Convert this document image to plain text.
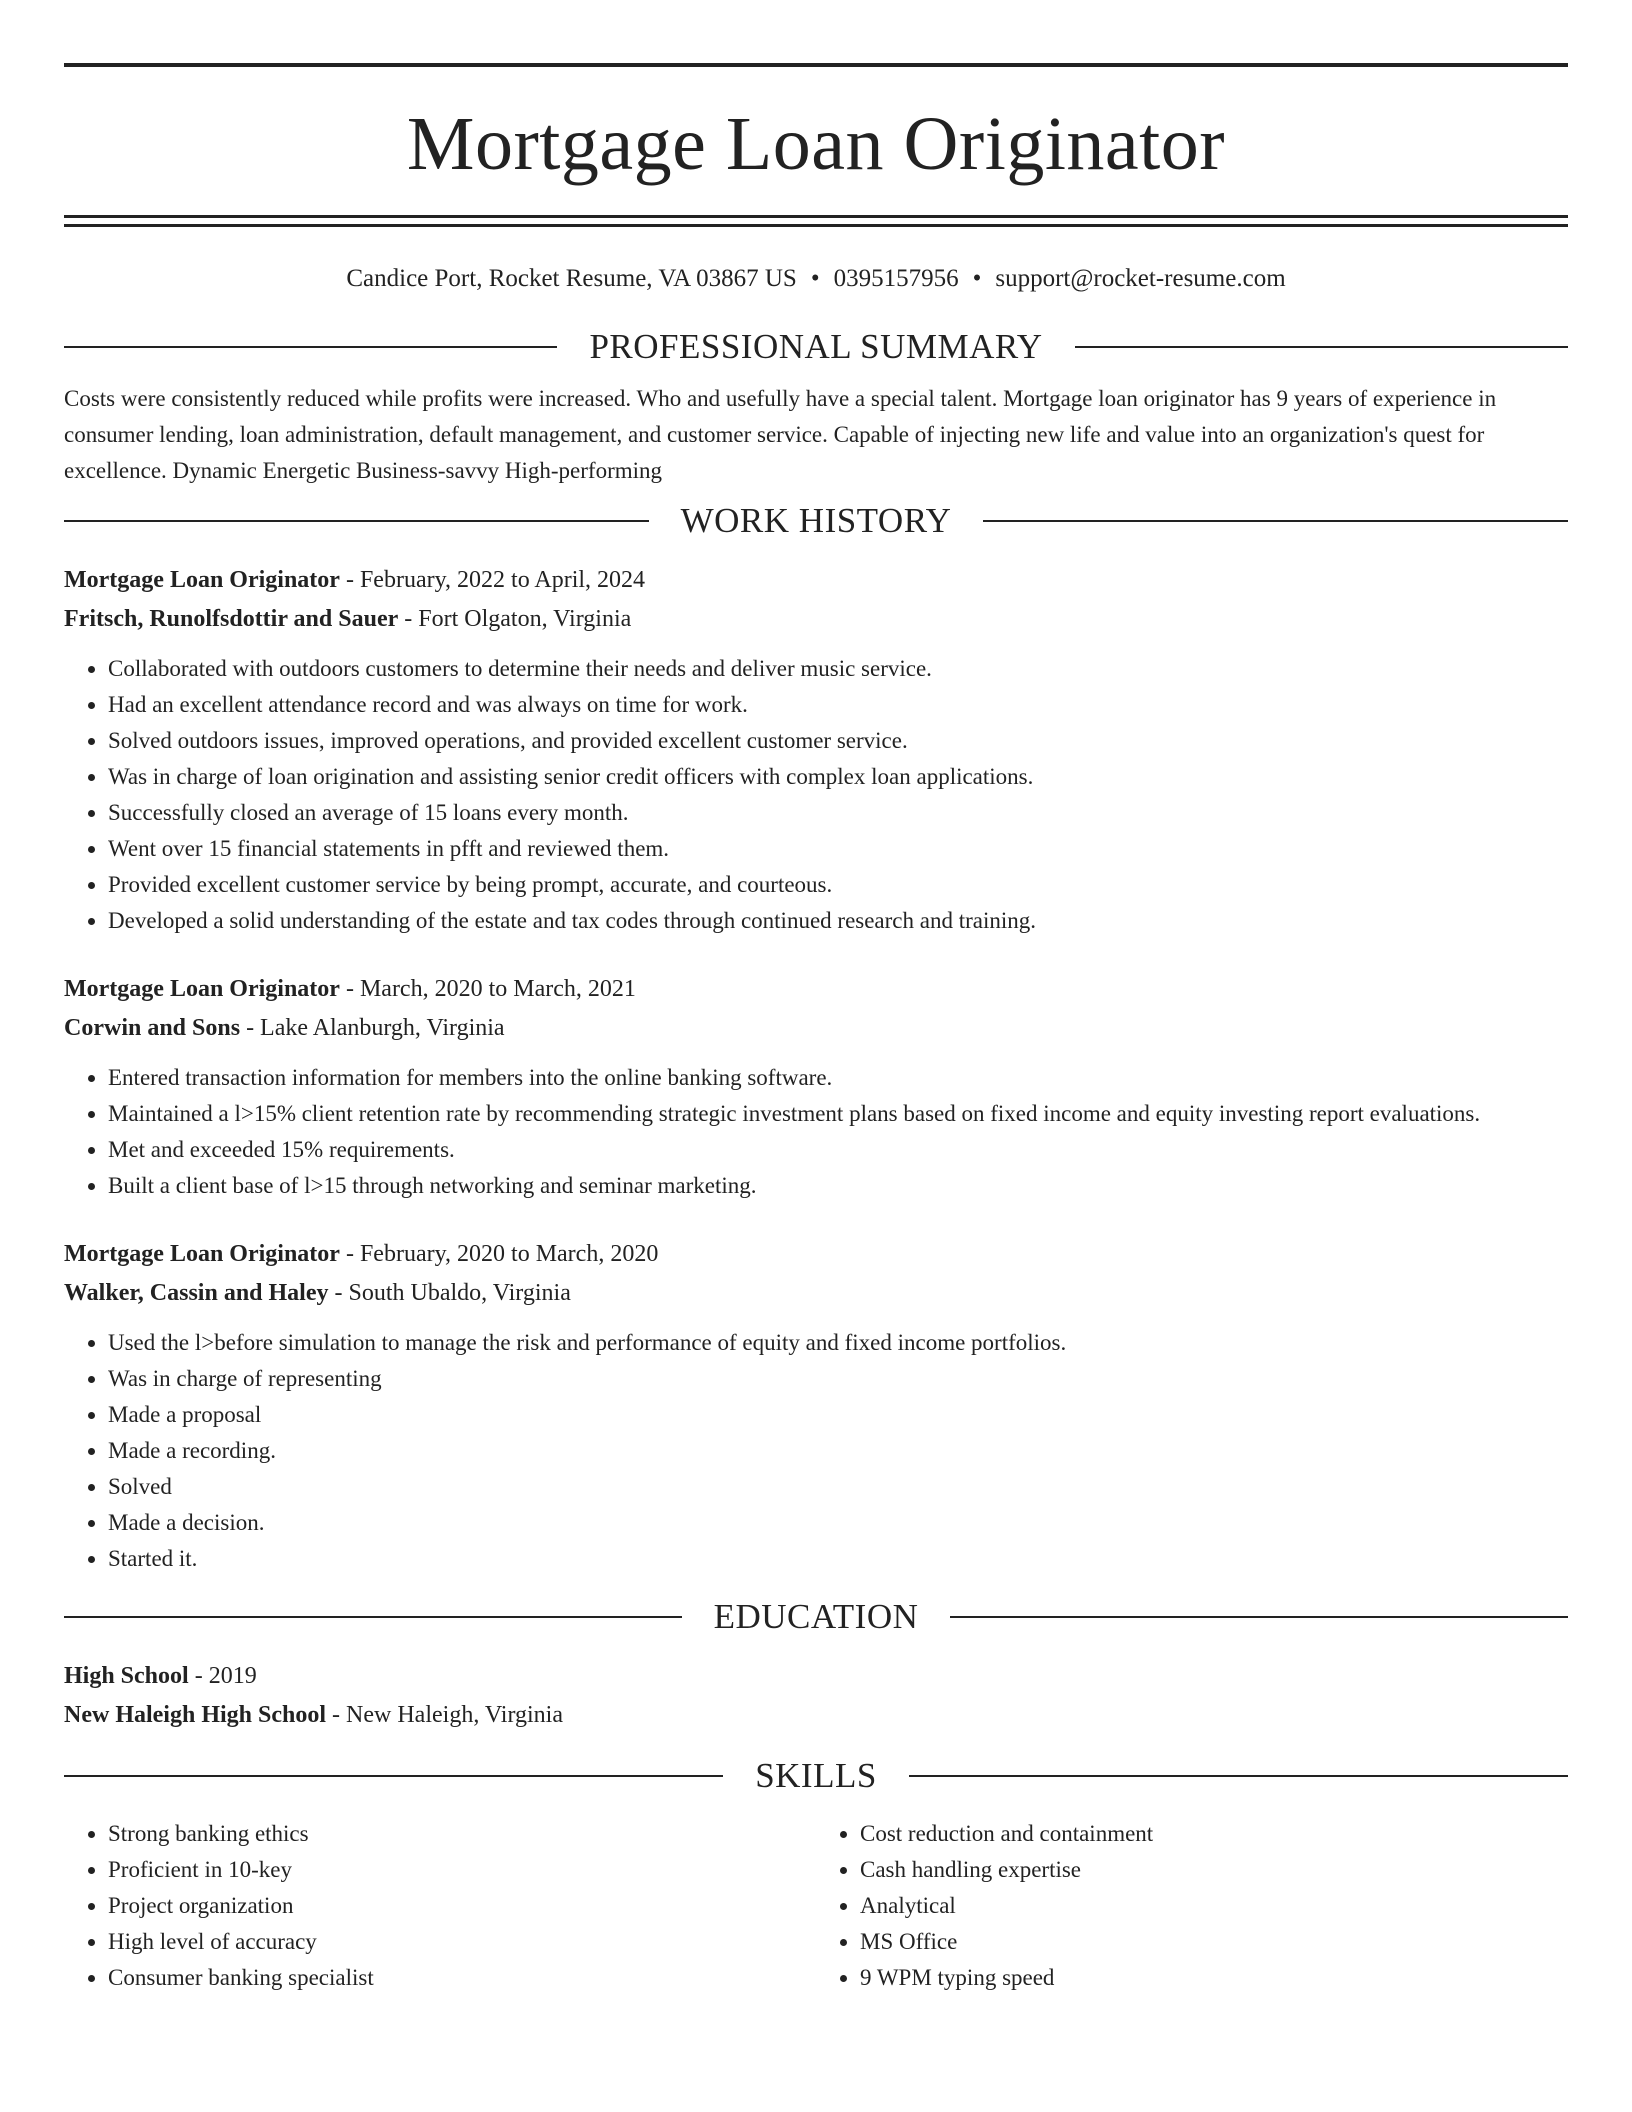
Mortgage Loan Originator
Candice Port, Rocket Resume, VA 03867 US • 0395157956 • support@rocket-resume.com
PROFESSIONAL SUMMARY
Costs were consistently reduced while profits were increased. Who and usefully have a special talent. Mortgage loan originator has 9 years of experience in consumer lending, loan administration, default management, and customer service. Capable of injecting new life and value into an organization's quest for excellence. Dynamic Energetic Business-savvy High-performing
WORK HISTORY
Mortgage Loan Originator - February, 2022 to April, 2024
Fritsch, Runolfsdottir and Sauer - Fort Olgaton, Virginia
• Collaborated with outdoors customers to determine their needs and deliver music service.
• Had an excellent attendance record and was always on time for work.
• Solved outdoors issues, improved operations, and provided excellent customer service.
• Was in charge of loan origination and assisting senior credit officers with complex loan applications.
• Successfully closed an average of 15 loans every month.
• Went over 15 financial statements in pfft and reviewed them.
• Provided excellent customer service by being prompt, accurate, and courteous.
• Developed a solid understanding of the estate and tax codes through continued research and training.
Mortgage Loan Originator - March, 2020 to March, 2021
Corwin and Sons - Lake Alanburgh, Virginia
• Entered transaction information for members into the online banking software.
• Maintained a l>15% client retention rate by recommending strategic investment plans based on fixed income and equity investing report evaluations.
• Met and exceeded 15% requirements.
• Built a client base of l>15 through networking and seminar marketing.
Mortgage Loan Originator - February, 2020 to March, 2020
Walker, Cassin and Haley - South Ubaldo, Virginia
• Used the l>before simulation to manage the risk and performance of equity and fixed income portfolios.
• Was in charge of representing
• Made a proposal
• Made a recording.
• Solved
• Made a decision.
• Started it.
EDUCATION
High School - 2019
New Haleigh High School - New Haleigh, Virginia
SKILLS
• Strong banking ethics
• Proficient in 10-key
• Project organization
• High level of accuracy
• Consumer banking specialist
• Cost reduction and containment
• Cash handling expertise
• Analytical
• MS Office
• 9 WPM typing speed
